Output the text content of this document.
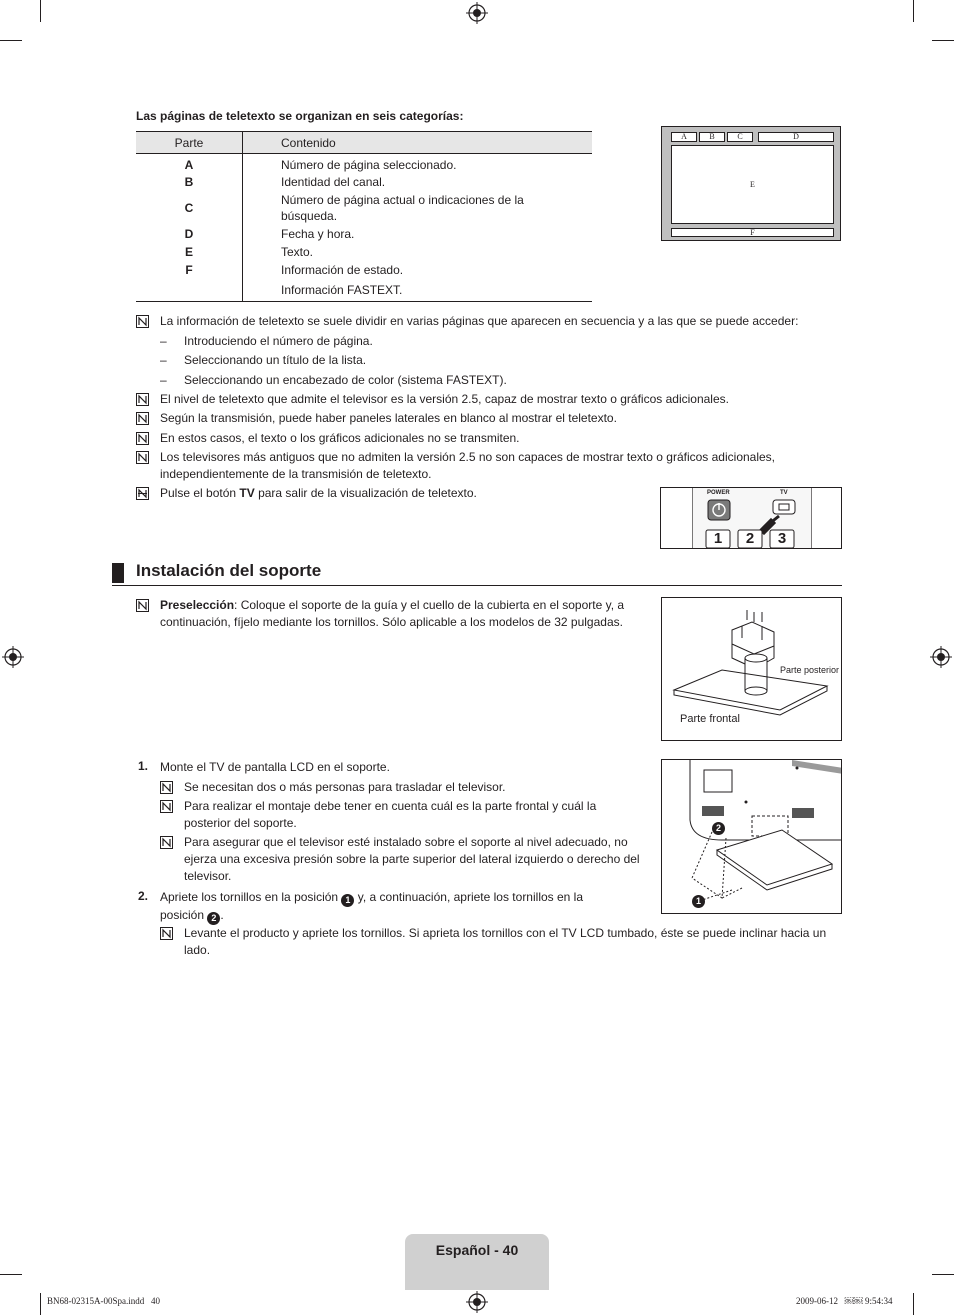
Las páginas de teletexto se organizan en seis categorías:
Parte	Contenido
A	Número de página seleccionado.
B	Identidad del canal.
C	Número de página actual o indicaciones de la búsqueda.
D	Fecha y hora.
E	Texto.
F	Información de estado.
	Información FASTEXT.
A	B	C	D
E
F
La información de teletexto se suele dividir en varias páginas que aparecen en secuencia y a las que se puede acceder:
– Introduciendo el número de página.
– Seleccionando un título de la lista.
– Seleccionando un encabezado de color (sistema FASTEXT).
El nivel de teletexto que admite el televisor es la versión 2.5, capaz de mostrar texto o gráficos adicionales.
Según la transmisión, puede haber paneles laterales en blanco al mostrar el teletexto.
En estos casos, el texto o los gráficos adicionales no se transmiten.
Los televisores más antiguos que no admiten la versión 2.5 no son capaces de mostrar texto o gráficos adicionales, independientemente de la transmisión de teletexto.
Pulse el botón TV para salir de la visualización de teletexto.	POWER	TV
1	2	3
Instalación del soporte
Preselección: Coloque el soporte de la guía y el cuello de la cubierta en el soporte y, a continuación, fíjelo mediante los tornillos. Sólo aplicable a los modelos de 32 pulgadas.
Parte posterior
Parte frontal
1. Monte el TV de pantalla LCD en el soporte.
Se necesitan dos o más personas para trasladar el televisor.
Para realizar el montaje debe tener en cuenta cuál es la parte frontal y cuál la posterior del soporte.
Para asegurar que el televisor esté instalado sobre el soporte al nivel adecuado, no ejerza una excesiva presión sobre la parte superior del lateral izquierdo o derecho del televisor.
2. Apriete los tornillos en la posición 1 y, a continuación, apriete los tornillos en la posición 2 .
Levante el producto y apriete los tornillos. Si aprieta los tornillos con el TV LCD tumbado, éste se puede inclinar hacia un lado.
2
1
Español - 40
BN68-02315A-00Spa.indd   40	2009-06-12   ￼￼ 9:54:34
